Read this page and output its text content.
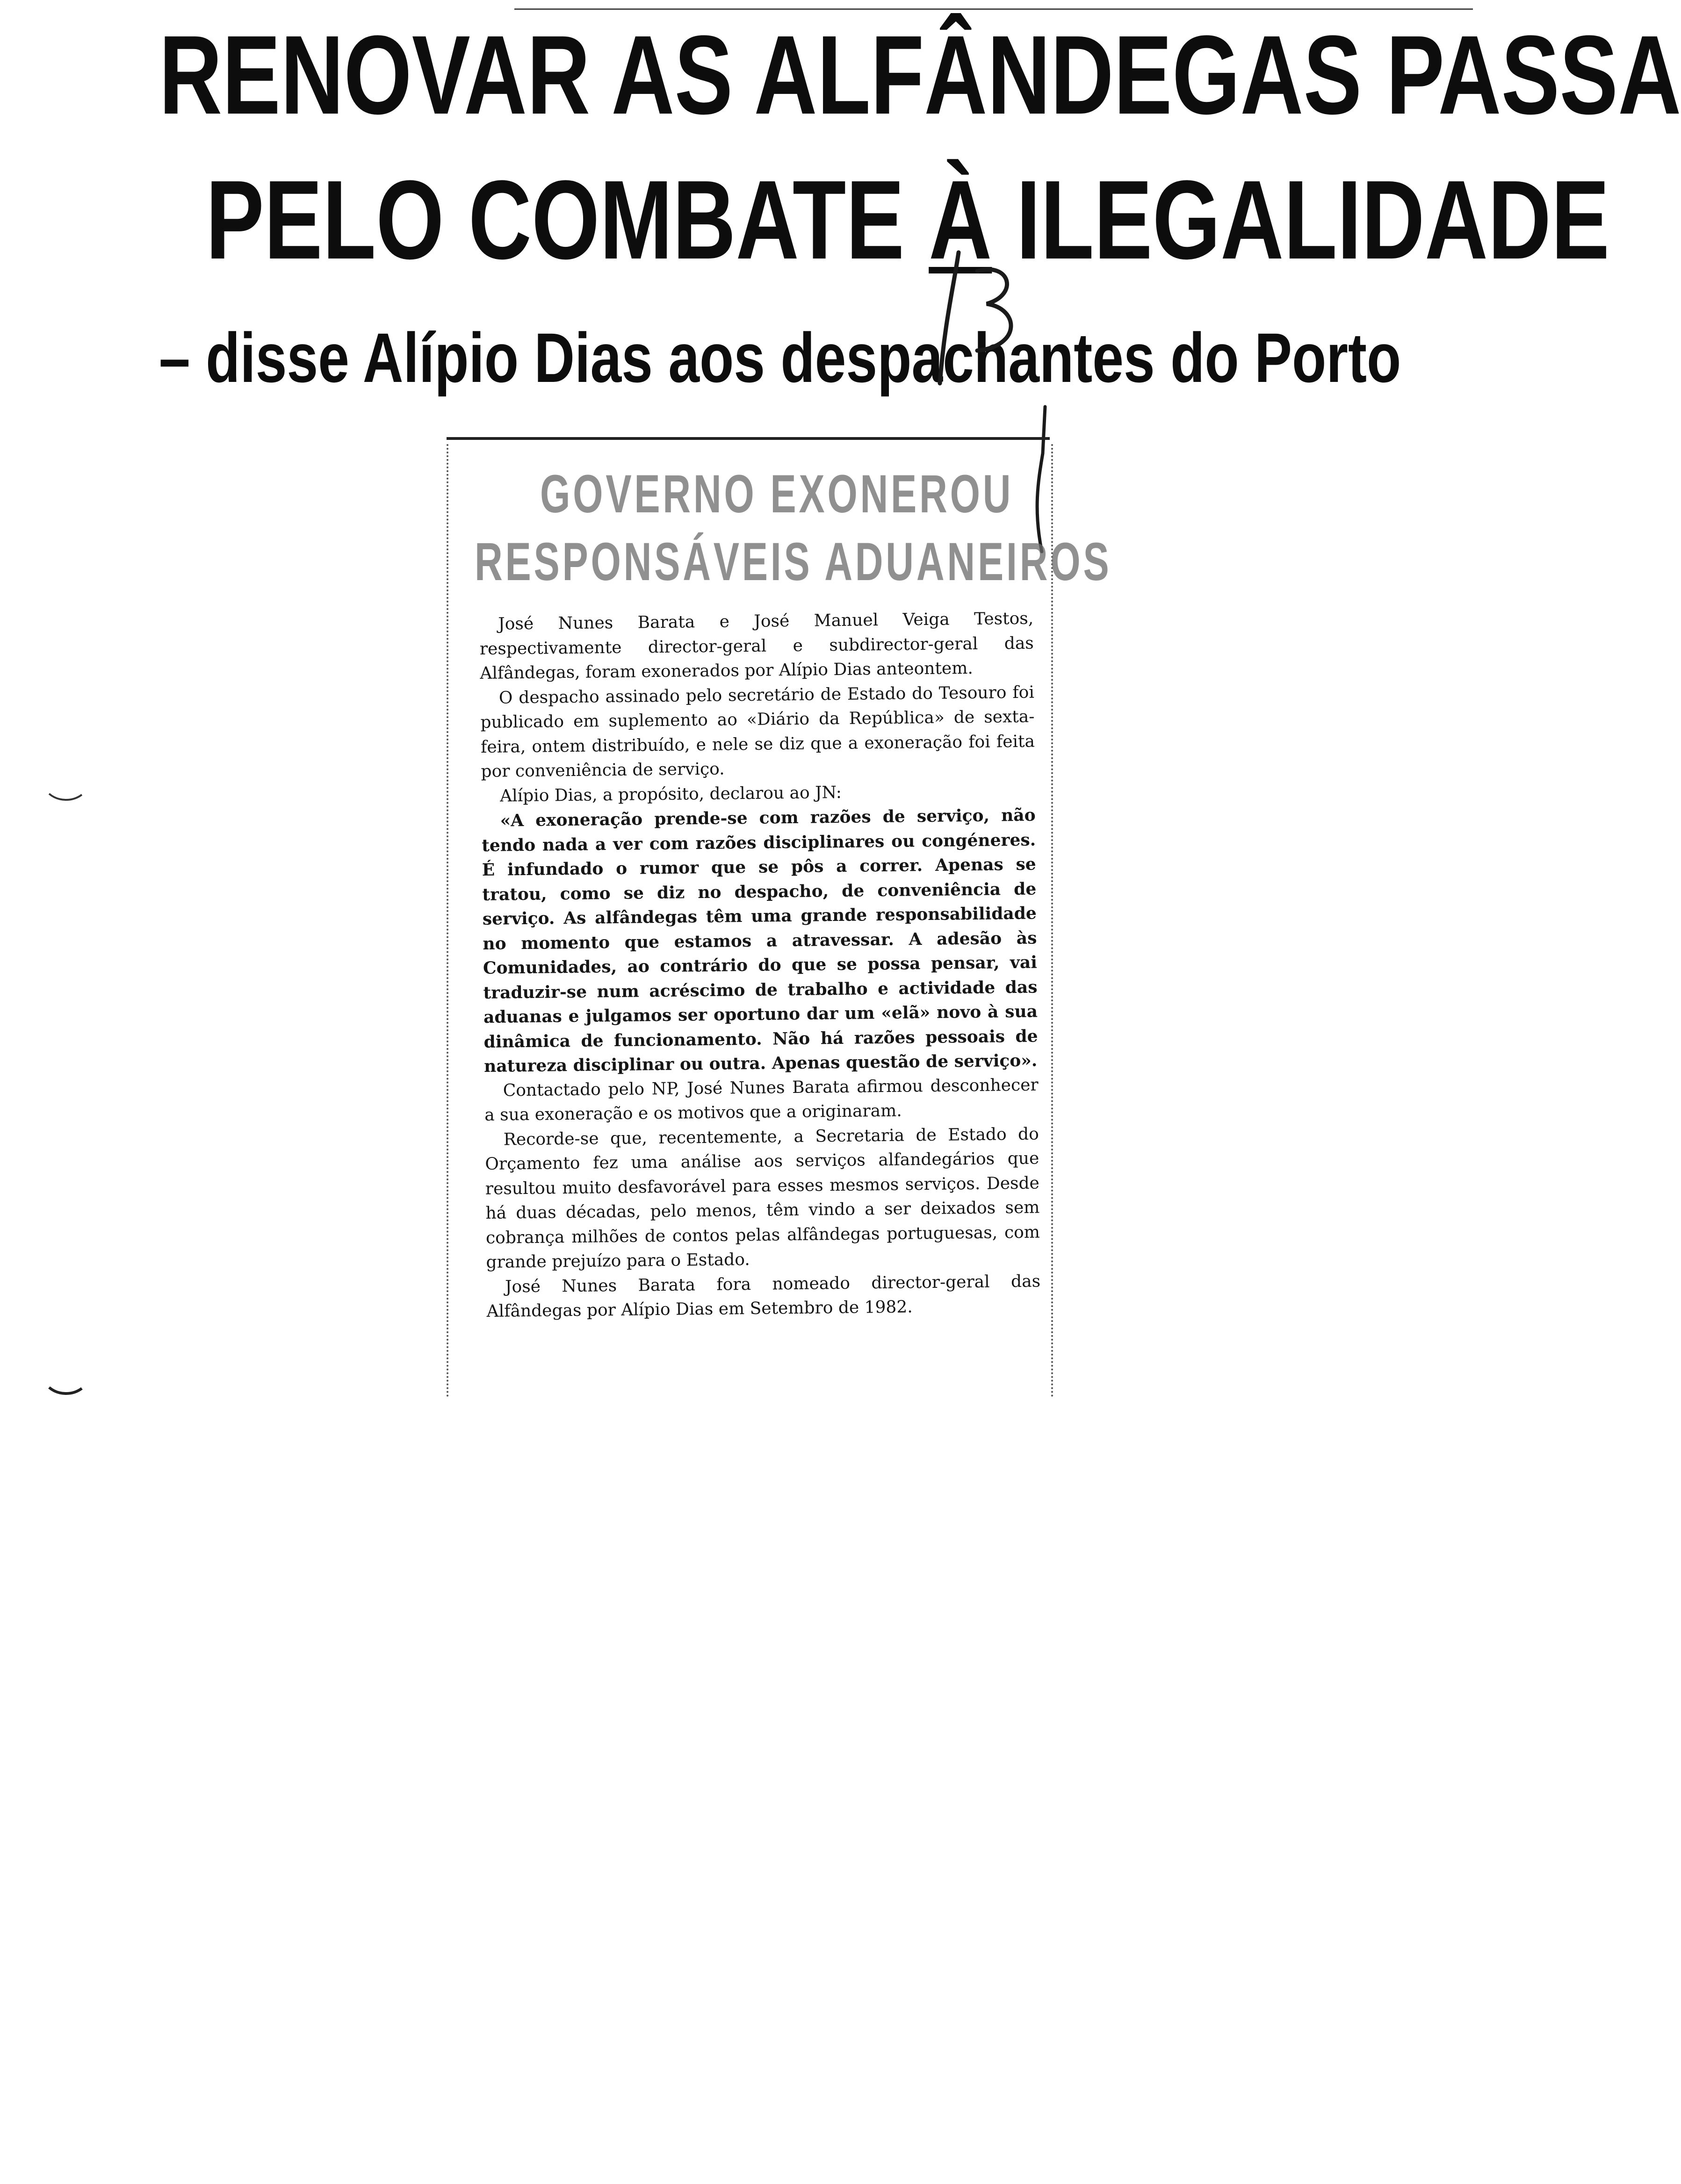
RENOVAR AS ALFÂNDEGAS PASSA
PELO COMBATE À ILEGALIDADE
– disse Alípio Dias aos despachantes do Porto
GOVERNO EXONEROU
RESPONSÁVEIS ADUANEIROS

José Nunes Barata e José Manuel Veiga Testos, respectivamente director-geral e subdirector-geral das Alfândegas, foram exonerados por Alípio Dias anteontem.

O despacho assinado pelo secretário de Estado do Tesouro foi publicado em suplemento ao «Diário da República» de sexta-feira, ontem distribuído, e nele se diz que a exoneração foi feita por conveniência de serviço.

Alípio Dias, a propósito, declarou ao JN:

«A exoneração prende-se com razões de serviço, não tendo nada a ver com razões disciplinares ou congéneres. É infundado o rumor que se pôs a correr. Apenas se tratou, como se diz no despacho, de conveniência de serviço. As alfândegas têm uma grande responsabilidade no momento que estamos a atravessar. A adesão às Comunidades, ao contrário do que se possa pensar, vai traduzir-se num acréscimo de trabalho e actividade das aduanas e julgamos ser oportuno dar um «elã» novo à sua dinâmica de funcionamento. Não há razões pessoais de natureza disciplinar ou outra. Apenas questão de serviço».

Contactado pelo NP, José Nunes Barata afirmou desconhecer a sua exoneração e os motivos que a originaram.

Recorde-se que, recentemente, a Secretaria de Estado do Orçamento fez uma análise aos serviços alfandegários que resultou muito desfavorável para esses mesmos serviços. Desde há duas décadas, pelo menos, têm vindo a ser deixados sem cobrança milhões de contos pelas alfândegas portuguesas, com grande prejuízo para o Estado.

José Nunes Barata fora nomeado director-geral das Alfândegas por Alípio Dias em Setembro de 1982.
